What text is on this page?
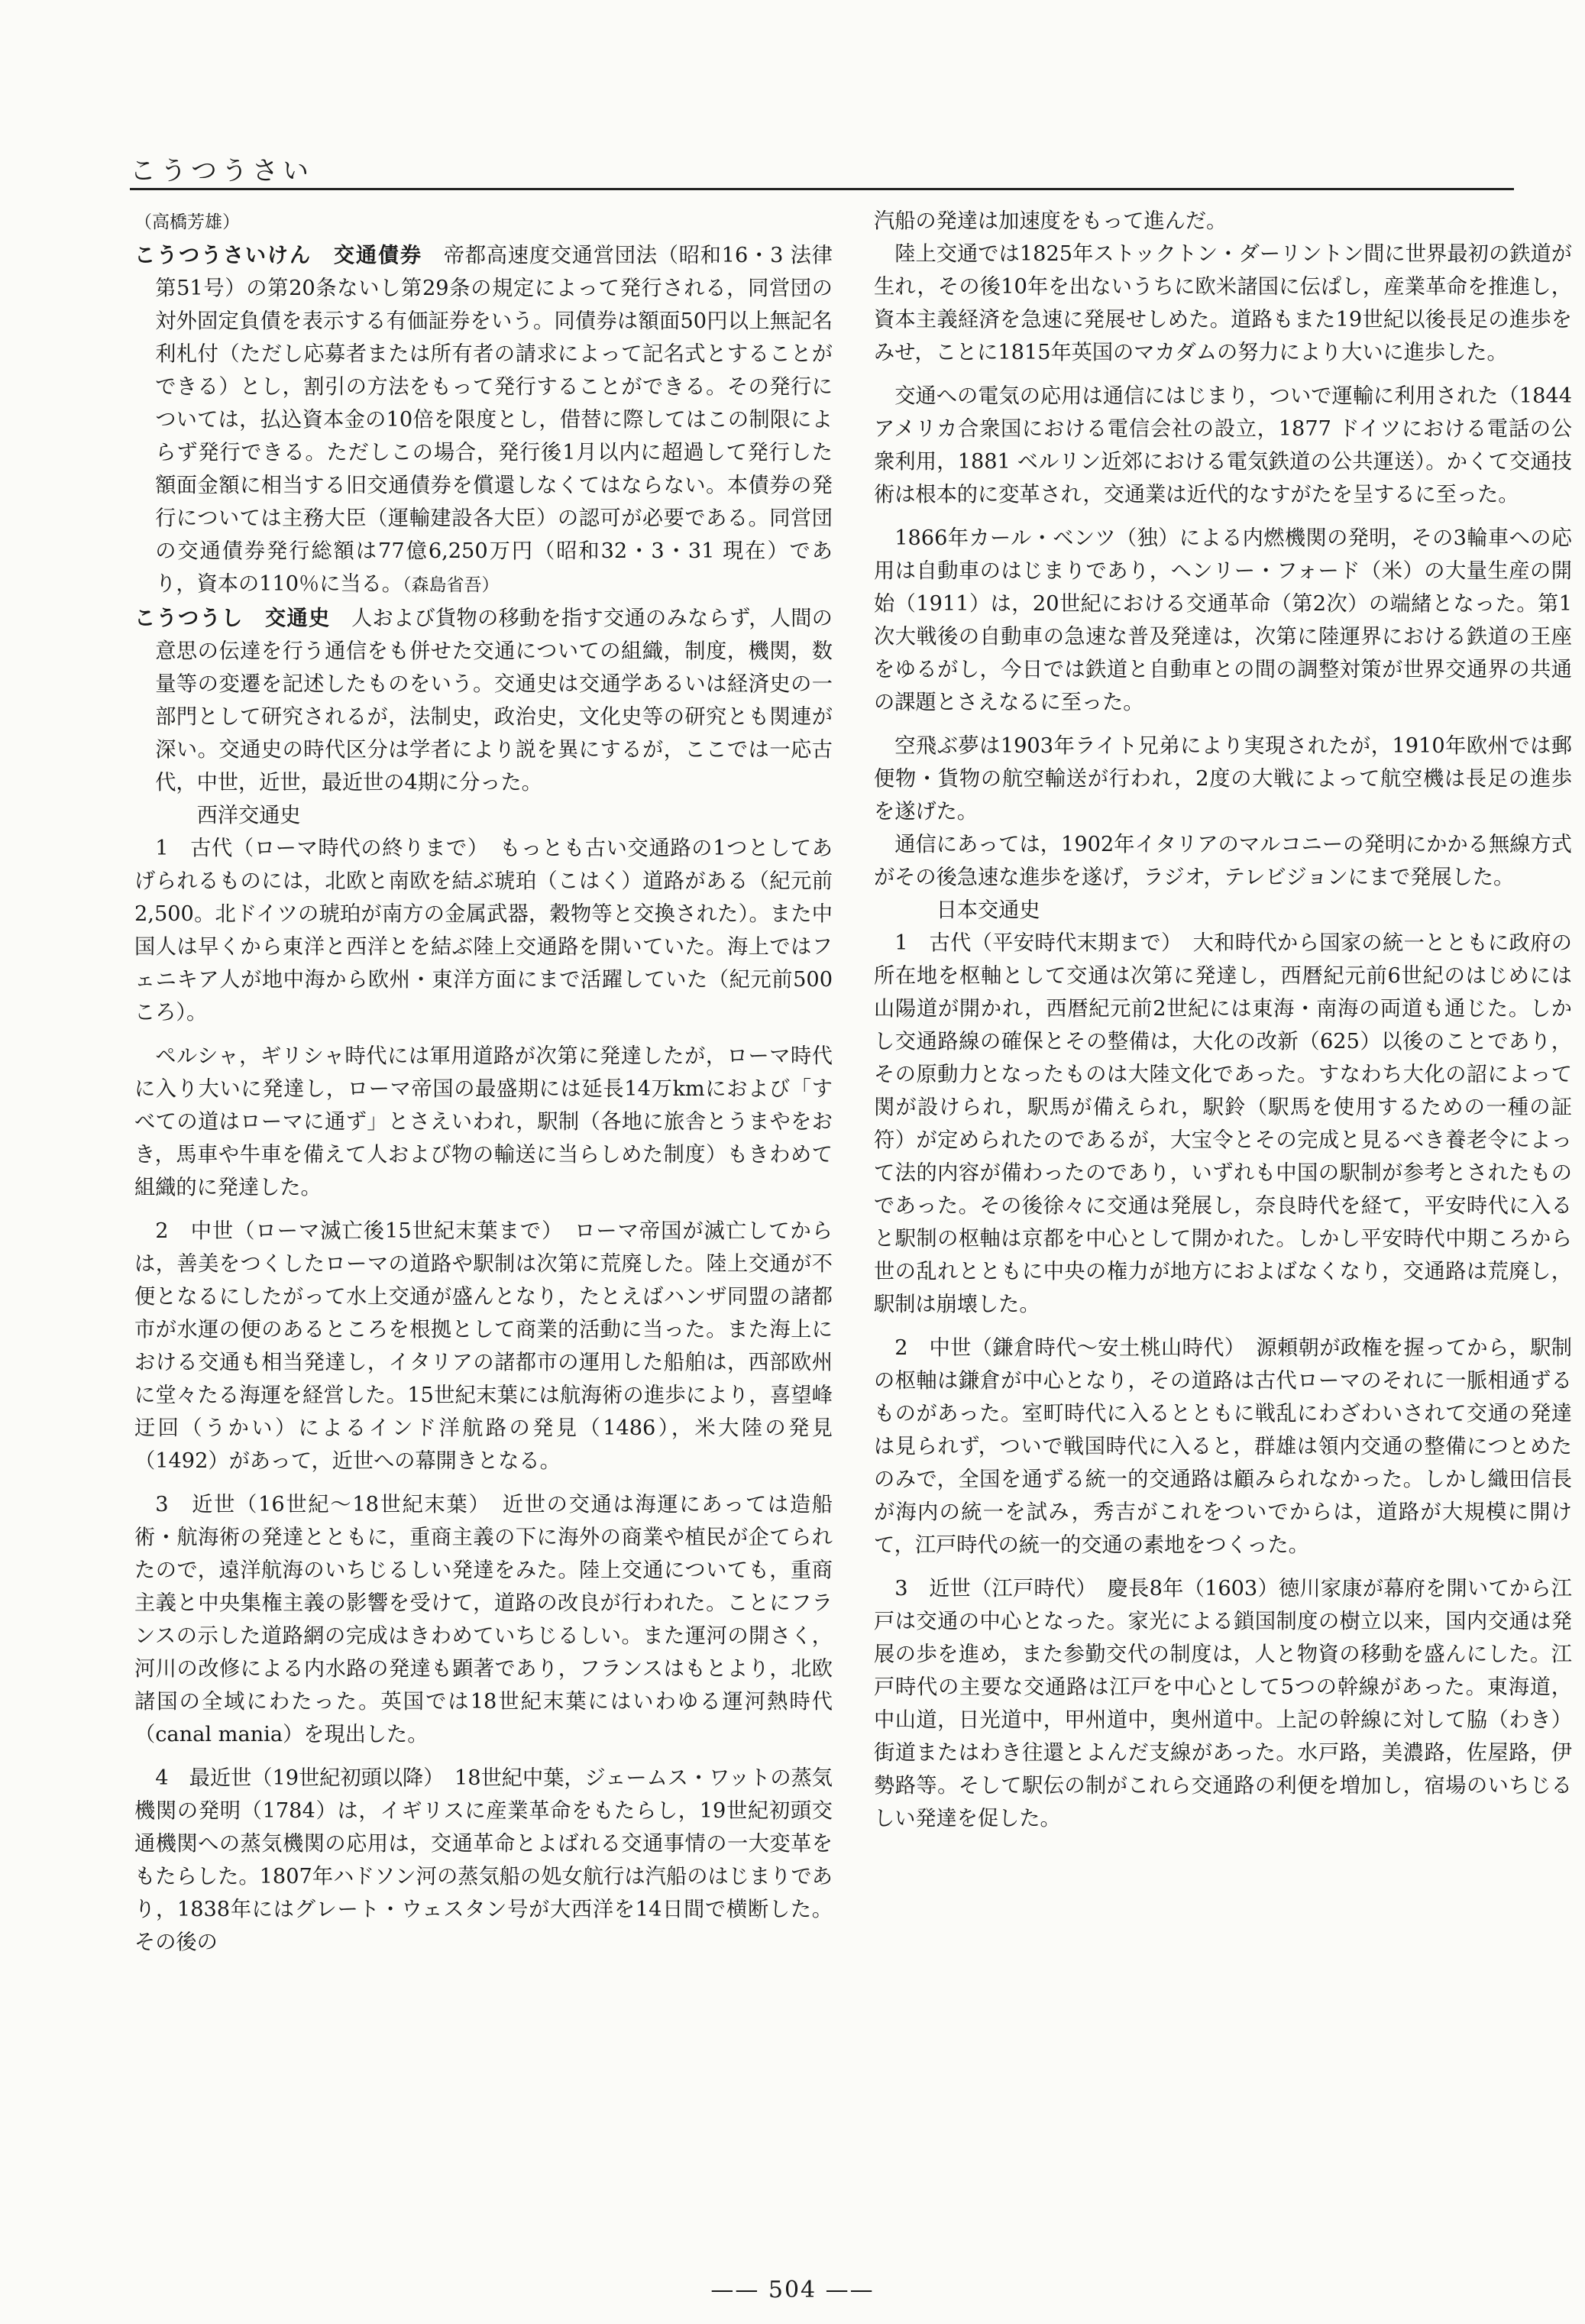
こうつうさい

（高橋芳雄）

こうつうさいけん　交通債券　 帝都高速度交通営団法（昭和16・3 法律第51号）の第20条ないし第29条の規定によって発行される，同営団の対外固定負債を表示する有価証券をいう。同債券は額面50円以上無記名利札付（ただし応募者または所有者の請求によって記名式とすることができる）とし，割引の方法をもって発行することができる。その発行については，払込資本金の10倍を限度とし，借替に際してはこの制限によらず発行できる。ただしこの場合，発行後1月以内に超過して発行した額面金額に相当する旧交通債券を償還しなくてはならない。本債券の発行については主務大臣（運輸建設各大臣）の認可が必要である。同営団の交通債券発行総額は77億6,250万円（昭和32・3・31 現在）であり，資本の110％に当る。（森島省吾）

こうつうし　交通史　 人および貨物の移動を指す交通のみならず，人間の意思の伝達を行う通信をも併せた交通についての組織，制度，機関，数量等の変遷を記述したものをいう。交通史は交通学あるいは経済史の一部門として研究されるが，法制史，政治史，文化史等の研究とも関連が深い。交通史の時代区分は学者により説を異にするが，ここでは一応古代，中世，近世，最近世の4期に分った。

西洋交通史

1　古代（ローマ時代の終りまで）　もっとも古い交通路の1つとしてあげられるものには，北欧と南欧を結ぶ琥珀（こはく）道路がある（紀元前2,500。北ドイツの琥珀が南方の金属武器，穀物等と交換された）。また中国人は早くから東洋と西洋とを結ぶ陸上交通路を開いていた。海上ではフェニキア人が地中海から欧州・東洋方面にまで活躍していた（紀元前500ころ）。

ペルシャ，ギリシャ時代には軍用道路が次第に発達したが，ローマ時代に入り大いに発達し，ローマ帝国の最盛期には延長14万kmにおよび「すべての道はローマに通ず」とさえいわれ，駅制（各地に旅舎とうまやをおき，馬車や牛車を備えて人および物の輸送に当らしめた制度）もきわめて組織的に発達した。

2　中世（ローマ滅亡後15世紀末葉まで）　ローマ帝国が滅亡してからは，善美をつくしたローマの道路や駅制は次第に荒廃した。陸上交通が不便となるにしたがって水上交通が盛んとなり，たとえばハンザ同盟の諸都市が水運の便のあるところを根拠として商業的活動に当った。また海上における交通も相当発達し，イタリアの諸都市の運用した船舶は，西部欧州に堂々たる海運を経営した。15世紀末葉には航海術の進歩により，喜望峰迂回（うかい）によるインド洋航路の発見（1486），米大陸の発見（1492）があって，近世への幕開きとなる。

3　近世（16世紀～18世紀末葉）　近世の交通は海運にあっては造船術・航海術の発達とともに，重商主義の下に海外の商業や植民が企てられたので，遠洋航海のいちじるしい発達をみた。陸上交通についても，重商主義と中央集権主義の影響を受けて，道路の改良が行われた。ことにフランスの示した道路網の完成はきわめていちじるしい。また運河の開さく，河川の改修による内水路の発達も顕著であり，フランスはもとより，北欧諸国の全域にわたった。英国では18世紀末葉にはいわゆる運河熱時代（canal mania）を現出した。

4　最近世（19世紀初頭以降）　18世紀中葉，ジェームス・ワットの蒸気機関の発明（1784）は，イギリスに産業革命をもたらし，19世紀初頭交通機関への蒸気機関の応用は，交通革命とよばれる交通事情の一大変革をもたらした。1807年ハドソン河の蒸気船の処女航行は汽船のはじまりであり，1838年にはグレート・ウェスタン号が大西洋を14日間で横断した。その後の

汽船の発達は加速度をもって進んだ。

陸上交通では1825年ストックトン・ダーリントン間に世界最初の鉄道が生れ，その後10年を出ないうちに欧米諸国に伝ぱし，産業革命を推進し，資本主義経済を急速に発展せしめた。道路もまた19世紀以後長足の進歩をみせ，ことに1815年英国のマカダムの努力により大いに進歩した。

交通への電気の応用は通信にはじまり，ついで運輸に利用された（1844 アメリカ合衆国における電信会社の設立，1877 ドイツにおける電話の公衆利用，1881 ベルリン近郊における電気鉄道の公共運送）。かくて交通技術は根本的に変革され，交通業は近代的なすがたを呈するに至った。

1866年カール・ベンツ（独）による内燃機関の発明，その3輪車への応用は自動車のはじまりであり，ヘンリー・フォード（米）の大量生産の開始（1911）は，20世紀における交通革命（第2次）の端緒となった。第1次大戦後の自動車の急速な普及発達は，次第に陸運界における鉄道の王座をゆるがし，今日では鉄道と自動車との間の調整対策が世界交通界の共通の課題とさえなるに至った。

空飛ぶ夢は1903年ライト兄弟により実現されたが，1910年欧州では郵便物・貨物の航空輸送が行われ，2度の大戦によって航空機は長足の進歩を遂げた。

通信にあっては，1902年イタリアのマルコニーの発明にかかる無線方式がその後急速な進歩を遂げ，ラジオ，テレビジョンにまで発展した。

日本交通史

1　古代（平安時代末期まで）　大和時代から国家の統一とともに政府の所在地を枢軸として交通は次第に発達し，西暦紀元前6世紀のはじめには山陽道が開かれ，西暦紀元前2世紀には東海・南海の両道も通じた。しかし交通路線の確保とその整備は，大化の改新（625）以後のことであり，その原動力となったものは大陸文化であった。すなわち大化の詔によって関が設けられ，駅馬が備えられ，駅鈴（駅馬を使用するための一種の証符）が定められたのであるが，大宝令とその完成と見るべき養老令によって法的内容が備わったのであり，いずれも中国の駅制が参考とされたものであった。その後徐々に交通は発展し，奈良時代を経て，平安時代に入ると駅制の枢軸は京都を中心として開かれた。しかし平安時代中期ころから世の乱れとともに中央の権力が地方におよばなくなり，交通路は荒廃し，駅制は崩壊した。

2　中世（鎌倉時代～安土桃山時代）　源頼朝が政権を握ってから，駅制の枢軸は鎌倉が中心となり，その道路は古代ローマのそれに一脈相通ずるものがあった。室町時代に入るとともに戦乱にわざわいされて交通の発達は見られず，ついで戦国時代に入ると，群雄は領内交通の整備につとめたのみで，全国を通ずる統一的交通路は顧みられなかった。しかし織田信長が海内の統一を試み，秀吉がこれをついでからは，道路が大規模に開けて，江戸時代の統一的交通の素地をつくった。

3　近世（江戸時代）　慶長8年（1603）徳川家康が幕府を開いてから江戸は交通の中心となった。家光による鎖国制度の樹立以来，国内交通は発展の歩を進め，また参勤交代の制度は，人と物資の移動を盛んにした。江戸時代の主要な交通路は江戸を中心として5つの幹線があった。東海道，中山道，日光道中，甲州道中，奥州道中。上記の幹線に対して脇（わき）街道またはわき往還とよんだ支線があった。水戸路，美濃路，佐屋路，伊勢路等。そして駅伝の制がこれら交通路の利便を増加し，宿場のいちじるしい発達を促した。

—— 504 ——
